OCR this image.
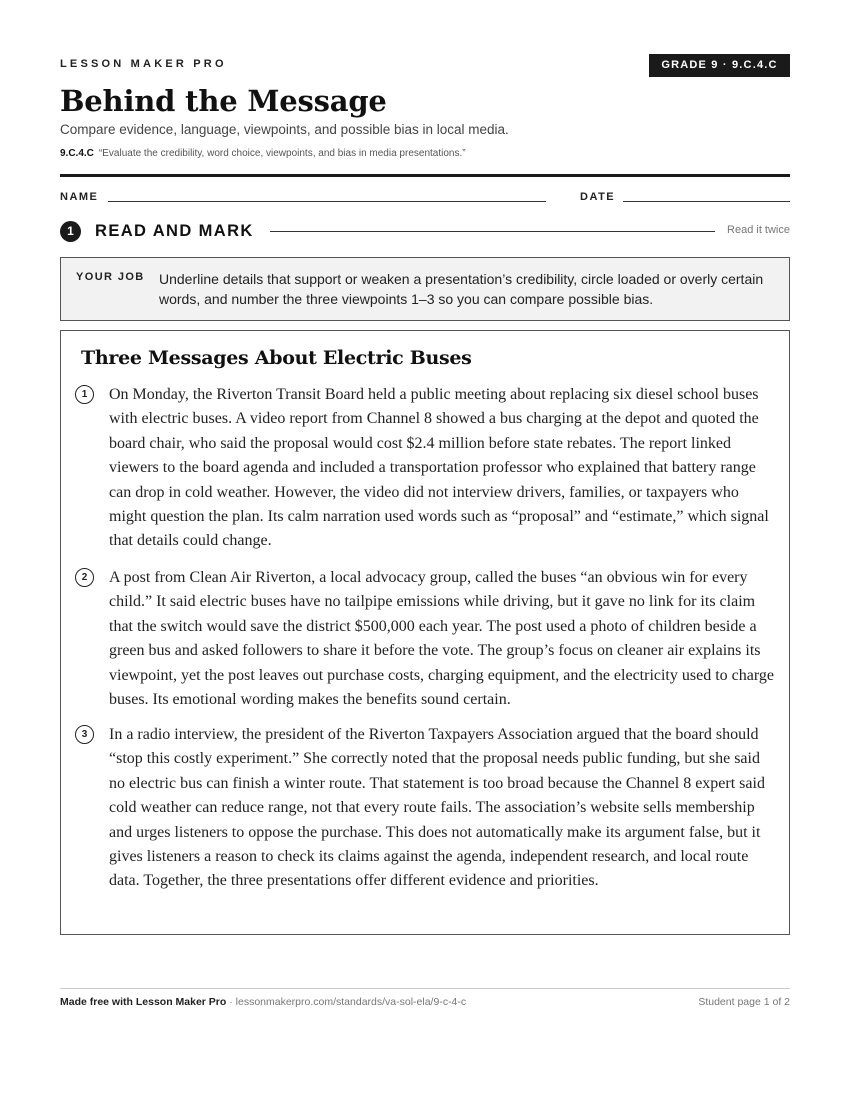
LESSON MAKER PRO	GRADE 9 · 9.C.4.C
Behind the Message
Compare evidence, language, viewpoints, and possible bias in local media.
9.C.4.C “Evaluate the credibility, word choice, viewpoints, and bias in media presentations.”
NAME	DATE
1	READ AND MARK	Read it twice
YOUR JOB Underline details that support or weaken a presentation’s credibility, circle loaded or overly certain words, and number the three viewpoints 1–3 so you can compare possible bias.
Three Messages About Electric Buses
1	On Monday, the Riverton Transit Board held a public meeting about replacing six diesel school buses with electric buses. A video report from Channel 8 showed a bus charging at the depot and quoted the board chair, who said the proposal would cost $2.4 million before state rebates. The report linked viewers to the board agenda and included a transportation professor who explained that battery range can drop in cold weather. However, the video did not interview drivers, families, or taxpayers who might question the plan. Its calm narration used words such as “proposal” and “estimate,” which signal that details could change.

2	A post from Clean Air Riverton, a local advocacy group, called the buses “an obvious win for every child.” It said electric buses have no tailpipe emissions while driving, but it gave no link for its claim that the switch would save the district $500,000 each year. The post used a photo of children beside a green bus and asked followers to share it before the vote. The group’s focus on cleaner air explains its viewpoint, yet the post leaves out purchase costs, charging equipment, and the electricity used to charge buses. Its emotional wording makes the benefits sound certain.

3	In a radio interview, the president of the Riverton Taxpayers Association argued that the board should “stop this costly experiment.” She correctly noted that the proposal needs public funding, but she said no electric bus can finish a winter route. That statement is too broad because the Channel 8 expert said cold weather can reduce range, not that every route fails. The association’s website sells membership and urges listeners to oppose the purchase. This does not automatically make its argument false, but it gives listeners a reason to check its claims against the agenda, independent research, and local route data. Together, the three presentations offer different evidence and priorities.

Made free with Lesson Maker Pro · lessonmakerpro.com/standards/va-sol-ela/9-c-4-c	Student page 1 of 2
